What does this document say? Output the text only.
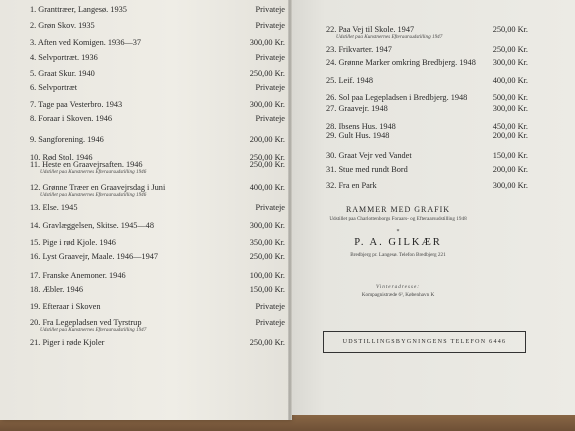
1. Granttræer, Langesø. 1935	Privateje
2. Grøn Skov. 1935	Privateje
3. Aften ved Komigen. 1936—37	300,00 Kr.
4. Selvportræt. 1936	Privateje
5. Graat Skur. 1940	250,00 Kr.
6. Selvportræt	Privateje
7. Tage paa Vesterbro. 1943	300,00 Kr.
8. Foraar i Skoven. 1946	Privateje
9. Sangforening. 1946	200,00 Kr.
10. Rød Stol. 1946	250,00 Kr.
11. Heste en Graavejrsaften. 1946	250,00 Kr.
Udstillet paa Kunstnernes Efteraarsudstilling 1946
12. Grønne Træer en Graavejrsdag i Juni	400,00 Kr.
Udstillet paa Kunstnernes Efteraarsudstilling 1946
13. Else. 1945	Privateje
14. Gravlæggelsen, Skitse. 1945—48	300,00 Kr.
15. Pige i rød Kjole. 1946	350,00 Kr.
16. Lyst Graavejr, Maale. 1946—1947	250,00 Kr.
17. Franske Anemoner. 1946	100,00 Kr.
18. Æbler. 1946	150,00 Kr.
19. Efteraar i Skoven	Privateje
20. Fra Legepladsen ved Tyrstrup	Privateje
Udstillet paa Kunstnernes Efteraarsudstilling 1947
21. Piger i røde Kjoler	250,00 Kr.
22. Paa Vej til Skole. 1947	250,00 Kr.
Udstillet paa Kunstnernes Efteraarsudstilling 1947
23. Frikvarter. 1947	250,00 Kr.
24. Grønne Marker omkring Bredbjerg. 1948	300,00 Kr.
25. Leif. 1948	400,00 Kr.
26. Sol paa Legepladsen i Bredbjerg. 1948	500,00 Kr.
27. Graavejr. 1948	300,00 Kr.
28. Ibsens Hus. 1948	450,00 Kr.
29. Gult Hus. 1948	200,00 Kr.
30. Graat Vejr ved Vandet	150,00 Kr.
31. Stue med rundt Bord	200,00 Kr.
32. Fra en Park	300,00 Kr.
RAMMER MED GRAFIK
Udstillet paa Charlottenborgs Foraars- og Efteraarsudstilling 1948
*
P. A. GILKÆR
Bredbjerg pr. Langesø. Telefon Bredbjerg 221
Vinteradresse:
Kompagnistræde 6², København K
UDSTILLINGSBYGNINGENS TELEFON 6446
